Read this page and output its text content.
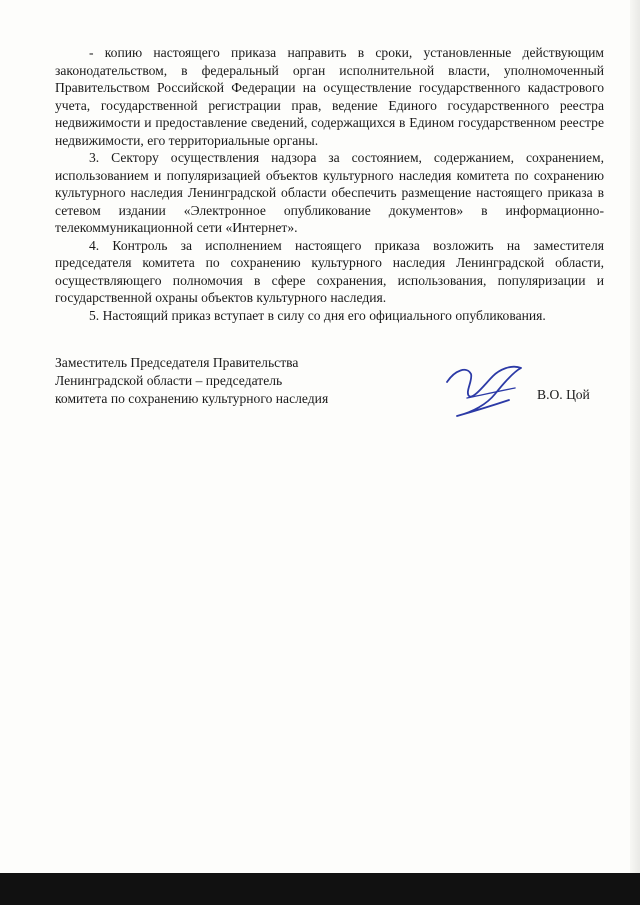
- копию настоящего приказа направить в сроки, установленные действующим законодательством, в федеральный орган исполнительной власти, уполномоченный Правительством Российской Федерации на осуществление государственного кадастрового учета, государственной регистрации прав, ведение Единого государственного реестра недвижимости и предоставление сведений, содержащихся в Едином государственном реестре недвижимости, его территориальные органы.

3. Сектору осуществления надзора за состоянием, содержанием, сохранением, использованием и популяризацией объектов культурного наследия комитета по сохранению культурного наследия Ленинградской области обеспечить размещение настоящего приказа в сетевом издании «Электронное опубликование документов» в информационно-телекоммуникационной сети «Интернет».

4. Контроль за исполнением настоящего приказа возложить на заместителя председателя комитета по сохранению культурного наследия Ленинградской области, осуществляющего полномочия в сфере сохранения, использования, популяризации и государственной охраны объектов культурного наследия.

5. Настоящий приказ вступает в силу со дня его официального опубликования.

Заместитель Председателя Правительства
Ленинградской области – председатель
комитета по сохранению культурного наследия	В.О. Цой
